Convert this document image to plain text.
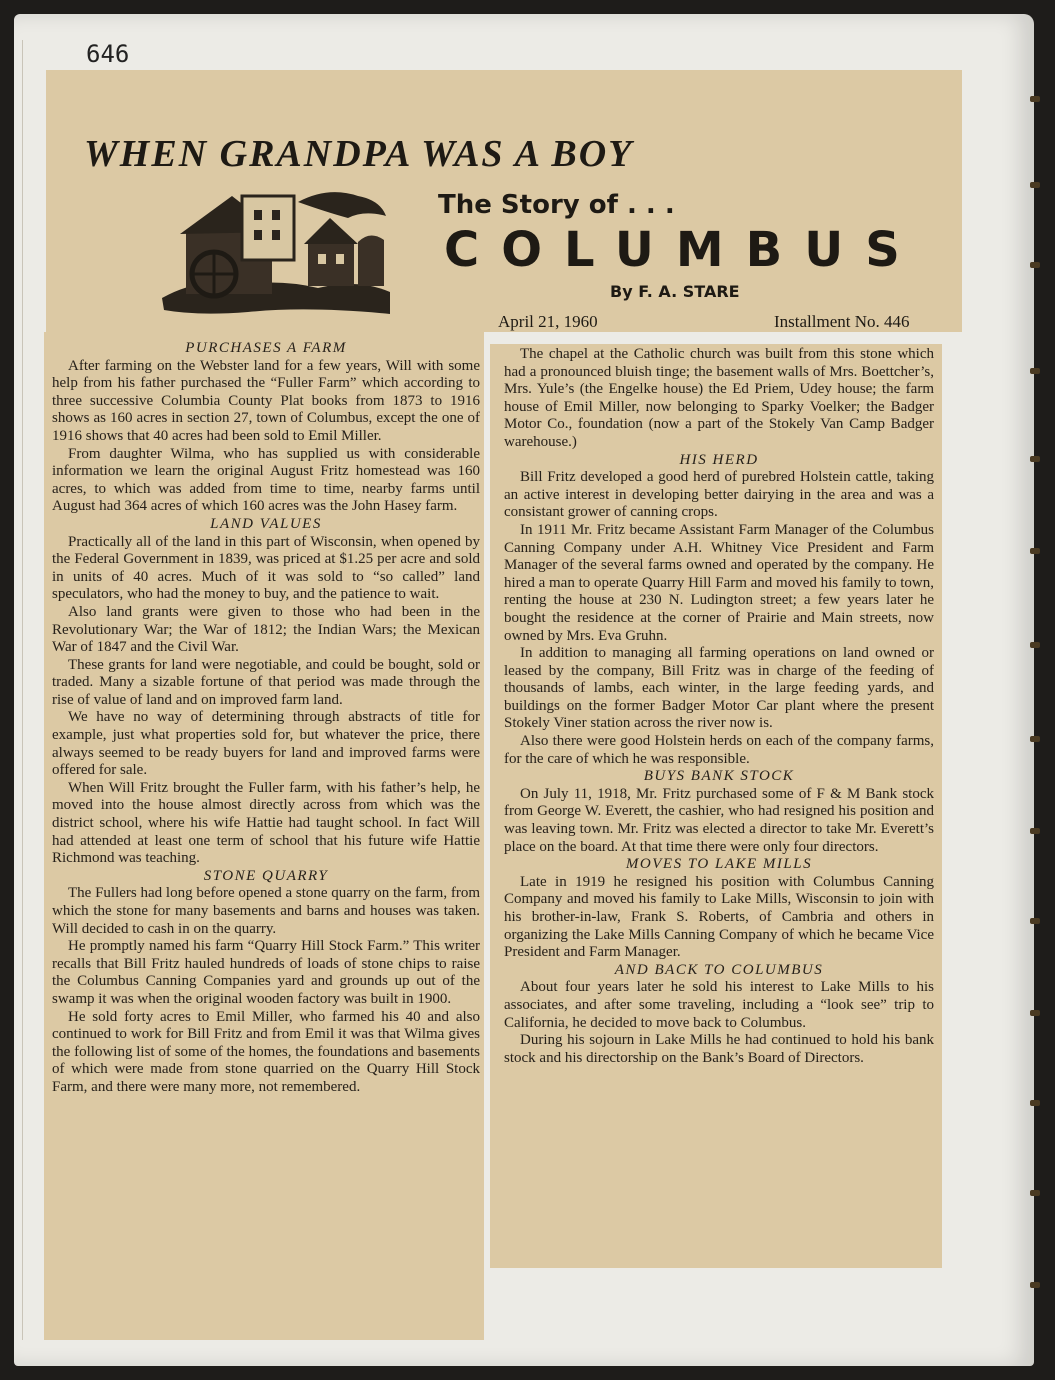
646
WHEN GRANDPA WAS A BOY
The Story of . . .
COLUMBUS
By F. A. STARE
April 21, 1960	Installment No. 446
PURCHASES A FARM

After farming on the Webster land for a few years, Will with some help from his father purchased the “Fuller Farm” which according to three successive Columbia County Plat books from 1873 to 1916 shows as 160 acres in section 27, town of Columbus, except the one of 1916 shows that 40 acres had been sold to Emil Miller.

From daughter Wilma, who has supplied us with considerable information we learn the original August Fritz homestead was 160 acres, to which was added from time to time, nearby farms until August had 364 acres of which 160 acres was the John Hasey farm.

LAND VALUES

Practically all of the land in this part of Wisconsin, when opened by the Federal Government in 1839, was priced at $1.25 per acre and sold in units of 40 acres. Much of it was sold to “so called” land speculators, who had the money to buy, and the patience to wait.

Also land grants were given to those who had been in the Revolutionary War; the War of 1812; the Indian Wars; the Mexican War of 1847 and the Civil War.

These grants for land were negotiable, and could be bought, sold or traded. Many a sizable fortune of that period was made through the rise of value of land and on improved farm land.

We have no way of determining through abstracts of title for example, just what properties sold for, but whatever the price, there always seemed to be ready buyers for land and improved farms were offered for sale.

When Will Fritz brought the Fuller farm, with his father’s help, he moved into the house almost directly across from which was the district school, where his wife Hattie had taught school. In fact Will had attended at least one term of school that his future wife Hattie Richmond was teaching.

STONE QUARRY

The Fullers had long before opened a stone quarry on the farm, from which the stone for many basements and barns and houses was taken. Will decided to cash in on the quarry.

He promptly named his farm “Quarry Hill Stock Farm.” This writer recalls that Bill Fritz hauled hundreds of loads of stone chips to raise the Columbus Canning Companies yard and grounds up out of the swamp it was when the original wooden factory was built in 1900.

He sold forty acres to Emil Miller, who farmed his 40 and also continued to work for Bill Fritz and from Emil it was that Wilma gives the following list of some of the homes, the foundations and basements of which were made from stone quarried on the Quarry Hill Stock Farm, and there were many more, not remembered.

The chapel at the Catholic church was built from this stone which had a pronounced bluish tinge; the basement walls of Mrs. Boettcher’s, Mrs. Yule’s (the Engelke house) the Ed Priem, Udey house; the farm house of Emil Miller, now belonging to Sparky Voelker; the Badger Motor Co., foundation (now a part of the Stokely Van Camp Badger warehouse.)

HIS HERD

Bill Fritz developed a good herd of purebred Holstein cattle, taking an active interest in developing better dairying in the area and was a consistant grower of canning crops.

In 1911 Mr. Fritz became Assistant Farm Manager of the Columbus Canning Company under A.H. Whitney Vice President and Farm Manager of the several farms owned and operated by the company. He hired a man to operate Quarry Hill Farm and moved his family to town, renting the house at 230 N. Ludington street; a few years later he bought the residence at the corner of Prairie and Main streets, now owned by Mrs. Eva Gruhn.

In addition to managing all farming operations on land owned or leased by the company, Bill Fritz was in charge of the feeding of thousands of lambs, each winter, in the large feeding yards, and buildings on the former Badger Motor Car plant where the present Stokely Viner station across the river now is.

Also there were good Holstein herds on each of the company farms, for the care of which he was responsible.

BUYS BANK STOCK

On July 11, 1918, Mr. Fritz purchased some of F & M Bank stock from George W. Everett, the cashier, who had resigned his position and was leaving town. Mr. Fritz was elected a director to take Mr. Everett’s place on the board. At that time there were only four directors.

MOVES TO LAKE MILLS

Late in 1919 he resigned his position with Columbus Canning Company and moved his family to Lake Mills, Wisconsin to join with his brother-in-law, Frank S. Roberts, of Cambria and others in organizing the Lake Mills Canning Company of which he became Vice President and Farm Manager.

AND BACK TO COLUMBUS

About four years later he sold his interest to Lake Mills to his associates, and after some traveling, including a “look see” trip to California, he decided to move back to Columbus.

During his sojourn in Lake Mills he had continued to hold his bank stock and his directorship on the Bank’s Board of Directors.
